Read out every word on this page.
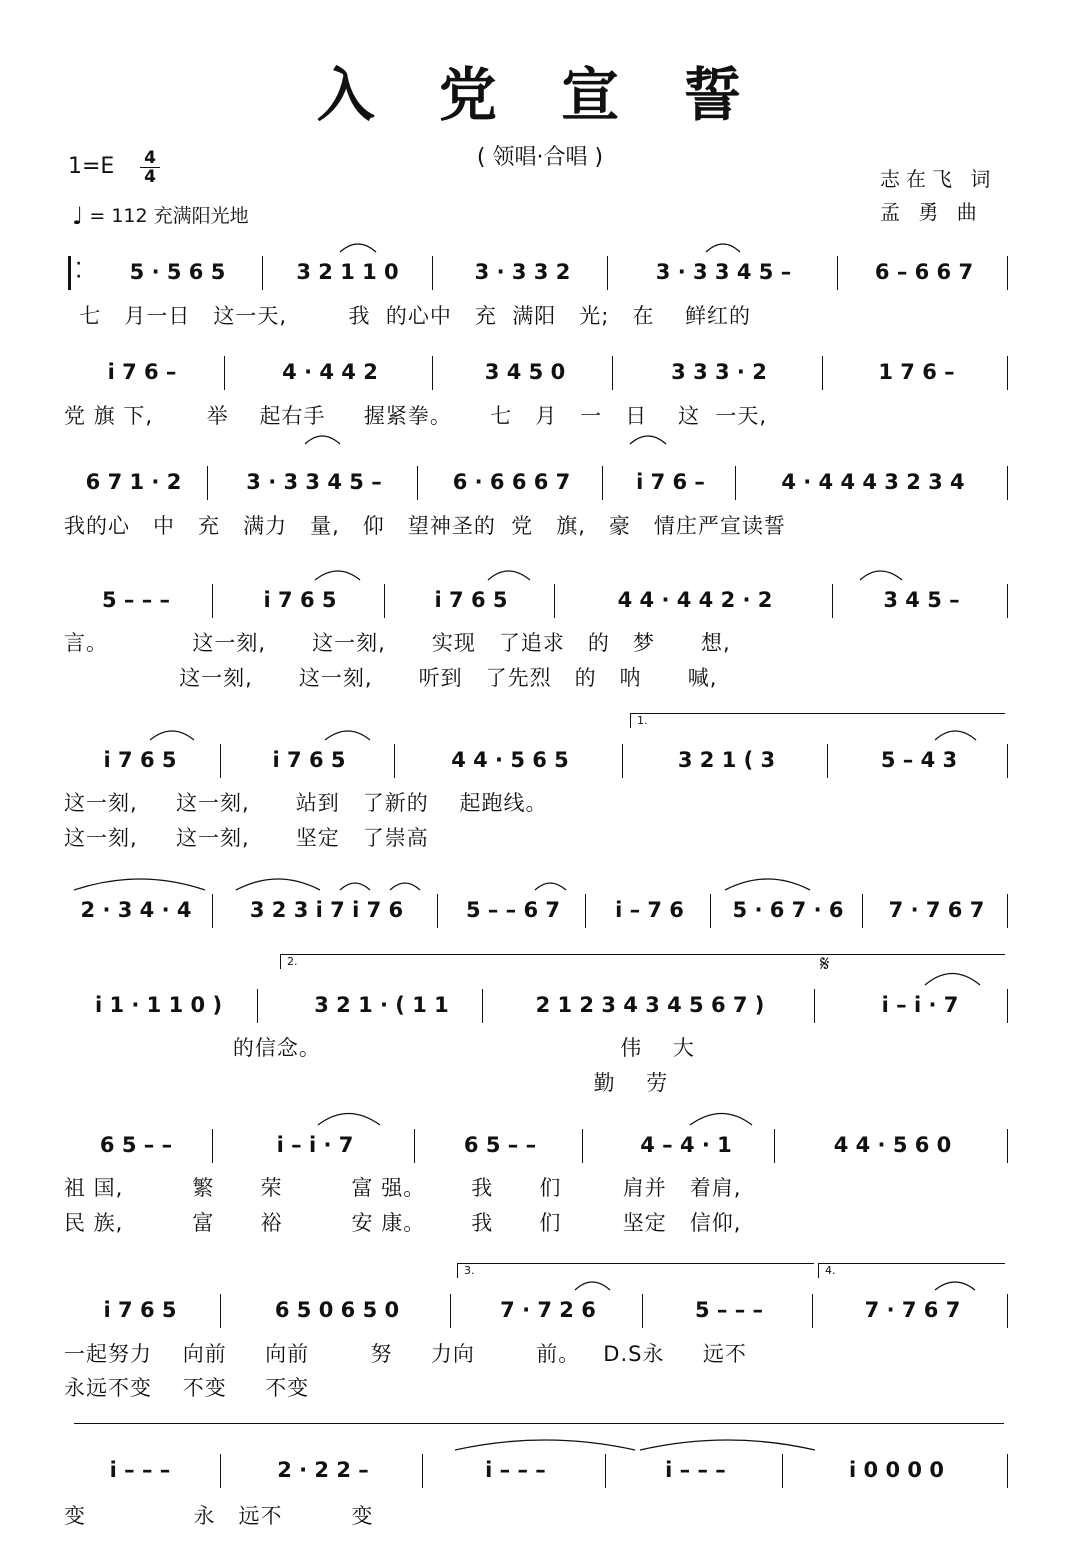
入 党 宣 誓
( 领唱·合唱 )
1=E 4
4
♩ = 112 充满阳光地
志在飞 词
孟 勇 曲
5 · 5 6 5	3 2 1 1 0	3 · 3 3 2	3 · 3 3 4 5 –	6 – 6 6 7
·
·
i 7 6 –	4 · 4 4 2	3 4 5 0	3 3 3 · 2	1 7 6 –
6 7 1 · 2	3 · 3 3 4 5 –	6 · 6 6 6 7	i 7 6 –	4 · 4 4 4 3 2 3 4
5 – – –	i 7 6 5	i 7 6 5	4 4 · 4 4 2 · 2	3 4 5 –
i 7 6 5	i 7 6 5	4 4 · 5 6 5	3 2 1 ( 3	5 – 4 3
2 · 3 4 · 4	3 2 3 i 7 i 7 6	5 – – 6 7	i – 7 6	5 · 6 7 · 6	7 · 7 6 7
i 1 · 1 1 0 )	3 2 1 · ( 1 1	2 1 2 3 4 3 4 5 6 7 )	i – i · 7
6 5 – –	i – i · 7	6 5 – –	4 – 4 · 1	4 4 · 5 6 0
i 7 6 5	6 5 0 6 5 0	7 · 7 2 6	5 – – –	7 · 7 6 7
i – – –	2 · 2 2 –	i – – –	i – – –	i 0 0 0 0
七   月一日   这一天,        我  的心中   充  满阳   光;   在    鲜红的
党 旗 下,       举    起右手     握紧拳。     七   月   一   日    这  一天,
我的心   中   充   满力   量,   仰   望神圣的  党   旗,   豪   情庄严宣读誓
言。           这一刻,      这一刻,      实现   了追求   的   梦      想,
这一刻,      这一刻,      听到   了先烈   的   呐      喊,
这一刻,     这一刻,      站到   了新的    起跑线。
这一刻,     这一刻,      坚定   了崇高
的信念。                                       伟    大
勤    劳
祖 国,         繁      荣         富 强。      我      们        肩并   着肩,
民 族,         富      裕         安 康。      我      们        坚定   信仰,
一起努力    向前     向前        努     力向        前。   D.S永     远不
永远不变    不变     不变
变              永   远不         变
1.
2.
3.	4.
𝄋
